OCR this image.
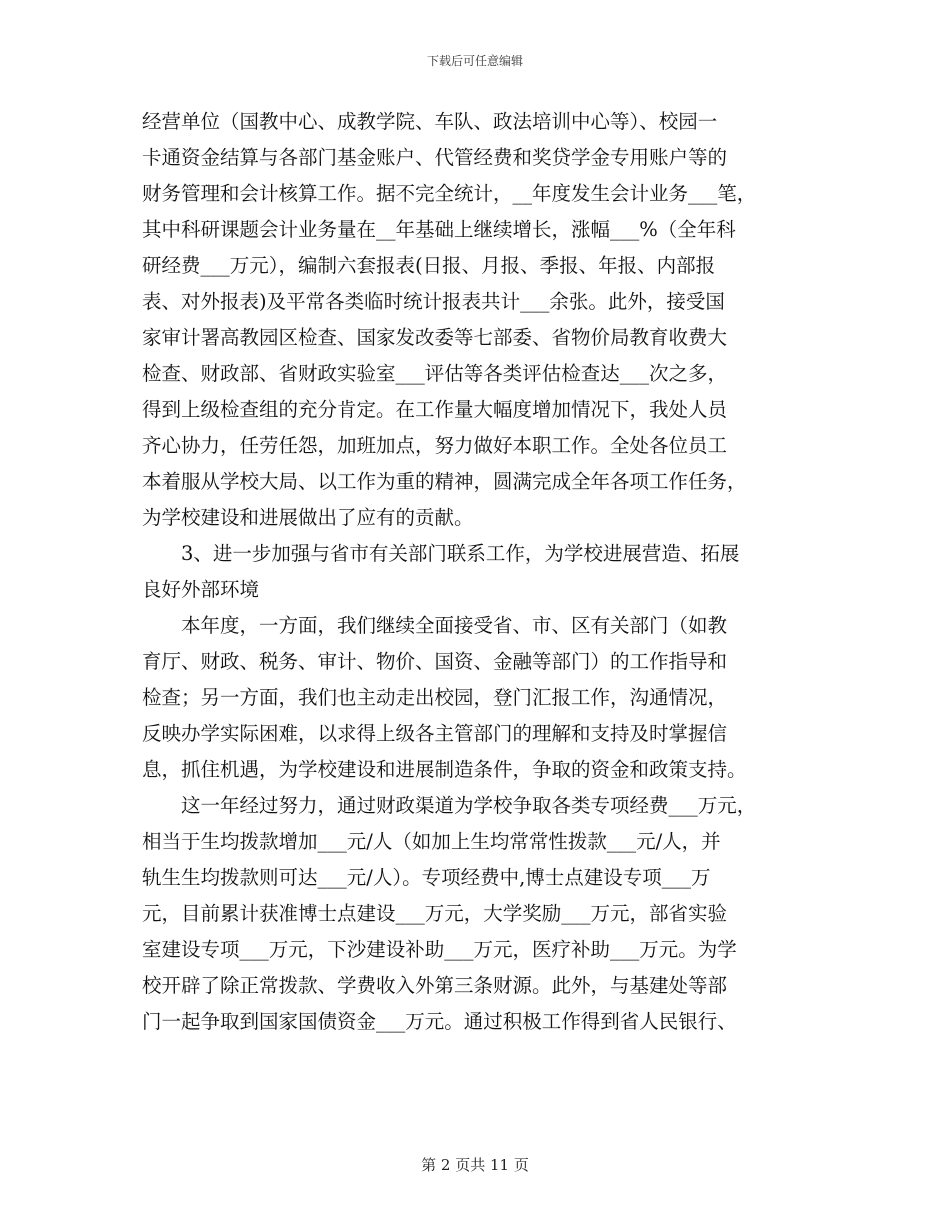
下载后可任意编辑
经营单位（国教中心、成教学院、车队、政法培训中心等）、校园一
卡通资金结算与各部门基金账户、代管经费和奖贷学金专用账户等的
财务管理和会计核算工作。据不完全统计，__年度发生会计业务___笔，
其中科研课题会计业务量在__年基础上继续增长，涨幅___%（全年科
研经费___万元），编制六套报表(日报、月报、季报、年报、内部报
表、对外报表)及平常各类临时统计报表共计___余张。此外，接受国
家审计署高教园区检查、国家发改委等七部委、省物价局教育收费大
检查、财政部、省财政实验室___评估等各类评估检查达___次之多，
得到上级检查组的充分肯定。在工作量大幅度增加情况下，我处人员
齐心协力，任劳任怨，加班加点，努力做好本职工作。全处各位员工
本着服从学校大局、以工作为重的精神，圆满完成全年各项工作任务，
为学校建设和进展做出了应有的贡献。
　　3、进一步加强与省市有关部门联系工作，为学校进展营造、拓展
良好外部环境
　　本年度，一方面，我们继续全面接受省、市、区有关部门（如教
育厅、财政、税务、审计、物价、国资、金融等部门）的工作指导和
检查；另一方面，我们也主动走出校园，登门汇报工作，沟通情况，
反映办学实际困难，以求得上级各主管部门的理解和支持及时掌握信
息，抓住机遇，为学校建设和进展制造条件，争取的资金和政策支持。
　　这一年经过努力，通过财政渠道为学校争取各类专项经费___万元，
相当于生均拨款增加___元/人（如加上生均常常性拨款___元/人，并
轨生生均拨款则可达___元/人）。专项经费中,博士点建设专项___万
元，目前累计获准博士点建设___万元，大学奖励___万元，部省实验
室建设专项___万元，下沙建设补助___万元，医疗补助___万元。为学
校开辟了除正常拨款、学费收入外第三条财源。此外，与基建处等部
门一起争取到国家国债资金___万元。通过积极工作得到省人民银行、
第 2 页共 11 页
